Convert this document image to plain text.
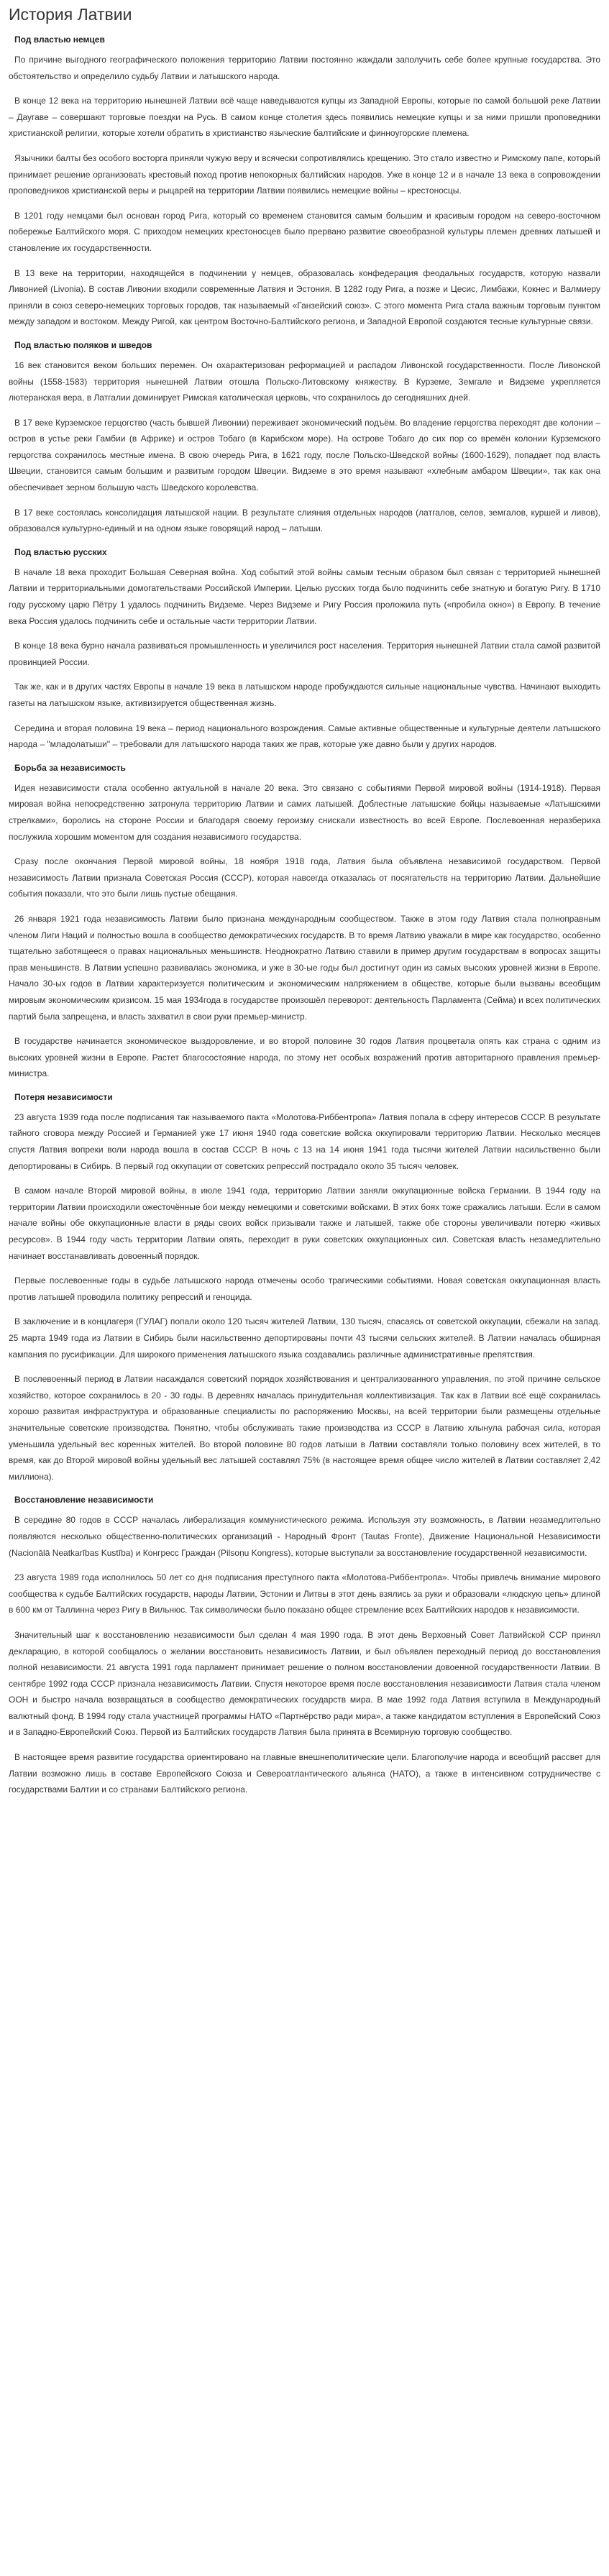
История Латвии
Под властью немцев

По причине выгодного географического положения территорию Латвии постоянно жаждали заполучить себе более крупные государства. Это обстоятельство и определило судьбу Латвии и латышского народа.

В конце 12 века на территорию нынешней Латвии всё чаще наведываются купцы из Западной Европы, которые по самой большой реке Латвии – Даугаве – совершают торговые поездки на Русь. В самом конце столетия здесь появились немецкие купцы и за ними пришли проповедники христианской религии, которые хотели обратить в христианство языческие балтийские и финноугорские племена.

Язычники балты без особого восторга приняли чужую веру и всячески сопротивлялись крещению. Это стало известно и Римскому папе, который принимает решение организовать крестовый поход против непокорных балтийских народов. Уже в конце 12 и в начале 13 века в сопровождении проповедников христианской веры и рыцарей на территории Латвии появились немецкие войны – крестоносцы.

В 1201 году немцами был основан город Рига, который со временем становится самым большим и красивым городом на северо-восточном побережье Балтийского моря. С приходом немецких крестоносцев было прервано развитие своеобразной культуры племен древних латышей и становление их государственности.

В 13 веке на территории, находящейся в подчинении у немцев, образовалась конфедерация феодальных государств, которую назвали Ливонией (Livonia). В состав Ливонии входили современные Латвия и Эстония. В 1282 году Рига, а позже и Цесис, Лимбажи, Кокнес и Валмиеру приняли в союз северо-немецких торговых городов, так называемый «Ганзейский союз». С этого момента Рига стала важным торговым пунктом между западом и востоком. Между Ригой, как центром Восточно-Балтийского региона, и Западной Европой создаются тесные культурные связи.

Под властью поляков и шведов

16 век становится веком больших перемен. Он охарактеризован реформацией и распадом Ливонской государственности. После Ливонской войны (1558-1583) территория нынешней Латвии отошла Польско-Литовскому княжеству. В Курземе, Земгале и Видземе укрепляется лютеранская вера, в Латгалии доминирует Римская католическая церковь, что сохранилось до сегодняшних дней.

В 17 веке Курземское герцогство (часть бывшей Ливонии) переживает экономический подъём. Во владение герцогства переходят две колонии – остров в устье реки Гамбии (в Африке) и остров Тобаго (в Карибском море). На острове Тобаго до сих пор со времён колонии Курземского герцогства сохранилось местные имена. В свою очередь Рига, в 1621 году, после Польско-Шведской войны (1600-1629), попадает под власть Швеции, становится самым большим и развитым городом Швеции. Видземе в это время называют «хлебным амбаром Швеции», так как она обеспечивает зерном большую часть Шведского королевства.

В 17 веке состоялась консолидация латышской нации. В результате слияния отдельных народов (латгалов, селов, земгалов, куршей и ливов), образовался культурно-единый и на одном языке говорящий народ – латыши.

Под властью русских

В начале 18 века проходит Большая Северная война. Ход событий этой войны самым тесным образом был связан с территорией нынешней Латвии и территориальными домогательствами Российской Империи. Целью русских тогда было подчинить себе знатную и богатую Ригу. В 1710 году русскому царю Пётру 1 удалось подчинить Видземе. Через Видземе и Ригу Россия проложила путь («пробила окно») в Европу. В течение века Россия удалось подчинить себе и остальные части территории Латвии.

В конце 18 века бурно начала развиваться промышленность и увеличился рост населения. Территория нынешней Латвии стала самой развитой провинцией России.

Так же, как и в других частях Европы в начале 19 века в латышском народе пробуждаются сильные национальные чувства. Начинают выходить газеты на латышском языке, активизируется общественная жизнь.

Середина и вторая половина 19 века – период национального возрождения. Самые активные общественные и культурные деятели латышского народа – "младолатыши" – требовали для латышского народа таких же прав, которые уже давно были у других народов.

Борьба за независимость

Идея независимости стала особенно актуальной в начале 20 века. Это связано с событиями Первой мировой войны (1914-1918). Первая мировая война непосредственно затронула территорию Латвии и самих латышей. Доблестные латышские бойцы называемые «Латышскими стрелками», боролись на стороне России и благодаря своему героизму снискали известность во всей Европе. Послевоенная неразбериха послужила хорошим моментом для создания независимого государства.

Сразу после окончания Первой мировой войны, 18 ноября 1918 года, Латвия была объявлена независимой государством. Первой независимость Латвии признала Советская Россия (СССР), которая навсегда отказалась от посягательств на территорию Латвии. Дальнейшие события показали, что это были лишь пустые обещания.

26 января 1921 года независимость Латвии было признана международным сообществом. Также в этом году Латвия стала полноправным членом Лиги Наций и полностью вошла в сообщество демократических государств. В то время Латвию уважали в мире как государство, особенно тщательно заботящееся о правах национальных меньшинств. Неоднократно Латвию ставили в пример другим государствам в вопросах защиты прав меньшинств. В Латвии успешно развивалась экономика, и уже в 30-ые годы был достигнут один из самых высоких уровней жизни в Европе. Начало 30-ых годов в Латвии характеризуется политическим и экономическим напряжением в обществе, которые были вызваны всеобщим мировым экономическим кризисом. 15 мая 1934года в государстве произошёл переворот: деятельность Парламента (Сейма) и всех политических партий была запрещена, и власть захватил в свои руки премьер-министр.

В государстве начинается экономическое выздоровление, и во второй половине 30 годов Латвия процветала опять как страна с одним из высоких уровней жизни в Европе. Растет благосостояние народа, по этому нет особых возражений против авторитарного правления премьер-министра.

Потеря независимости

23 августа 1939 года после подписания так называемого пакта «Молотова-Риббентропа» Латвия попала в сферу интересов СССР. В результате тайного сговора между Россией и Германией уже 17 июня 1940 года советские войска оккупировали территорию Латвии. Несколько месяцев спустя Латвия вопреки воли народа вошла в состав СССР. В ночь с 13 на 14 июня 1941 года тысячи жителей Латвии насильственно были депортированы в Сибирь. В первый год оккупации от советских репрессий пострадало около 35 тысяч человек.

В самом начале Второй мировой войны, в июле 1941 года, территорию Латвии заняли оккупационные войска Германии. В 1944 году на территории Латвии происходили ожесточённые бои между немецкими и советскими войсками. В этих боях тоже сражались латыши. Если в самом начале войны обе оккупационные власти в ряды своих войск призывали также и латышей, также обе стороны увеличивали потерю «живых ресурсов». В 1944 году часть территории Латвии опять, переходит в руки советских оккупационных сил. Советская власть незамедлительно начинает восстанавливать довоенный порядок.

Первые послевоенные годы в судьбе латышского народа отмечены особо трагическими событиями. Новая советская оккупационная власть против латышей проводила политику репрессий и геноцида.

В заключение и в концлагеря (ГУЛАГ) попали около 120 тысяч жителей Латвии, 130 тысяч, спасаясь от советской оккупации, сбежали на запад. 25 марта 1949 года из Латвии в Сибирь были насильственно депортированы почти 43 тысячи сельских жителей. В Латвии началась обширная кампания по русификации. Для широкого применения латышского языка создавались различные административные препятствия.

В послевоенный период в Латвии насаждался советский порядок хозяйствования и централизованного управления, по этой причине сельское хозяйство, которое сохранилось в 20 - 30 годы. В деревнях началась принудительная коллективизация. Так как в Латвии всё ещё сохранилась хорошо развитая инфраструктура и образованные специалисты по распоряжению Москвы, на всей территории были размещены отдельные значительные советские производства. Понятно, чтобы обслуживать такие производства из СССР в Латвию хлынула рабочая сила, которая уменьшила удельный вес коренных жителей. Во второй половине 80 годов латыши в Латвии составляли только половину всех жителей, в то время, как до Второй мировой войны удельный вес латышей составлял 75% (в настоящее время общее число жителей в Латвии составляет 2,42 миллиона).

Восстановление независимости

В середине 80 годов в СССР началась либерализация коммунистического режима. Используя эту возможность, в Латвии незамедлительно появляются несколько общественно-политических организаций - Народный Фронт (Tautas Fronte), Движение Национальной Независимости (Nacionālā Neatkarības Kustība) и Конгресс Граждан (Pilsoņu Kongress), которые выступали за восстановление государственной независимости.

23 августа 1989 года исполнилось 50 лет со дня подписания преступного пакта «Молотова-Риббентропа». Чтобы привлечь внимание мирового сообщества к судьбе Балтийских государств, народы Латвии, Эстонии и Литвы в этот день взялись за руки и образовали «людскую цепь» длиной в 600 км от Таллинна через Ригу в Вильнюс. Так символически было показано общее стремление всех Балтийских народов к независимости.

Значительный шаг к восстановлению независимости был сделан 4 мая 1990 года. В этот день Верховный Совет Латвийской ССР принял декларацию, в которой сообщалось о желании восстановить независимость Латвии, и был объявлен переходный период до восстановления полной независимости. 21 августа 1991 года парламент принимает решение о полном восстановлении довоенной государственности Латвии. В сентябре 1992 года СССР признала независимость Латвии. Спустя некоторое время после восстановления независимости Латвия стала членом ООН и быстро начала возвращаться в сообщество демократических государств мира. В мае 1992 года Латвия вступила в Международный валютный фонд. В 1994 году стала участницей программы НАТО «Партнёрство ради мира», а также кандидатом вступления в Европейский Союз и в Западно-Европейский Союз. Первой из Балтийских государств Латвия была принята в Всемирную торговую сообщество.

В настоящее время развитие государства ориентировано на главные внешнеполитические цели. Благополучие народа и всеобщий рассвет для Латвии возможно лишь в составе Европейского Союза и Североатлантического альянса (НАТО), а также в интенсивном сотрудничестве с государствами Балтии и со странами Балтийского региона.
